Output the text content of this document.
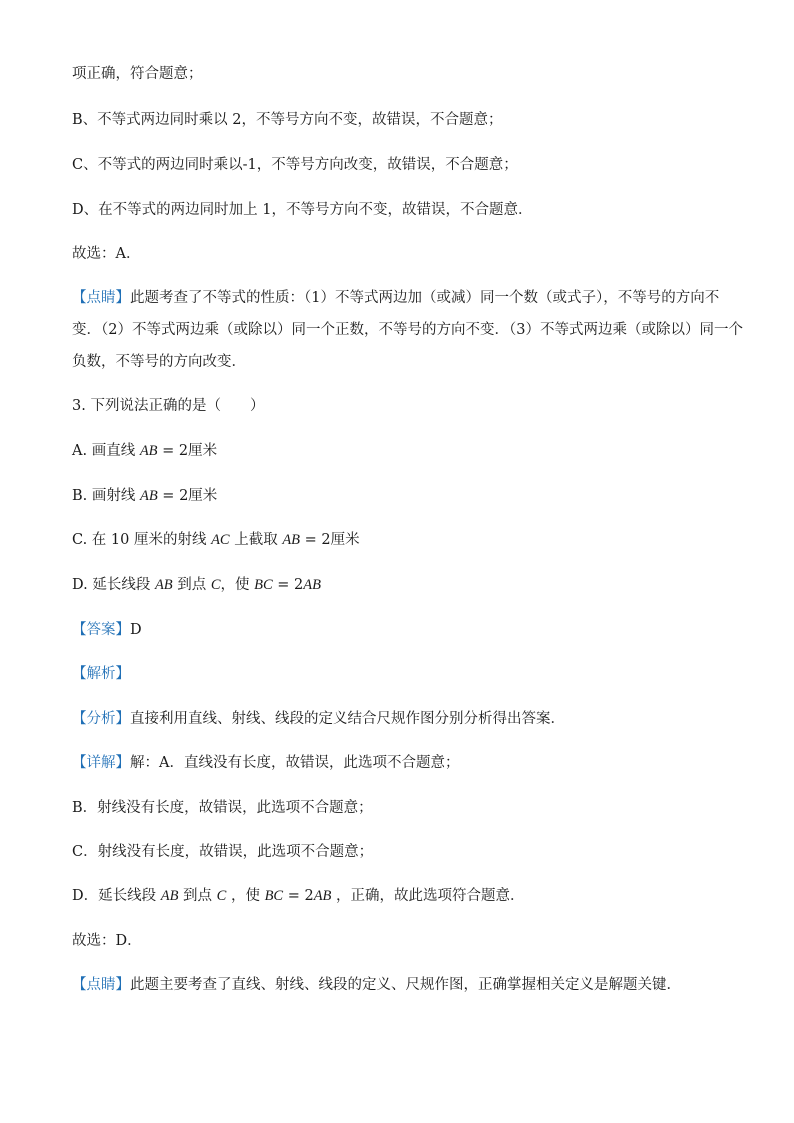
项正确，符合题意；
B、不等式两边同时乘以 2，不等号方向不变，故错误，不合题意；
C、不等式的两边同时乘以-1，不等号方向改变，故错误，不合题意；
D、在不等式的两边同时加上 1，不等号方向不变，故错误，不合题意．
故选：A．
【点睛】此题考查了不等式的性质：（1）不等式两边加（或减）同一个数（或式子），不等号的方向不
变．（2）不等式两边乘（或除以）同一个正数，不等号的方向不变．（3）不等式两边乘（或除以）同一个
负数，不等号的方向改变．
3. 下列说法正确的是（　　）
A. 画直线 AB = 2厘米
B. 画射线 AB = 2厘米
C. 在 10 厘米的射线 AC 上截取 AB = 2厘米
D. 延长线段 AB 到点 C，使 BC = 2AB
【答案】D
【解析】
【分析】直接利用直线、射线、线段的定义结合尺规作图分别分析得出答案．
【详解】解：A．直线没有长度，故错误，此选项不合题意；
B．射线没有长度，故错误，此选项不合题意；
C．射线没有长度，故错误，此选项不合题意；
D．延长线段 AB 到点 C ，使 BC = 2AB ，正确，故此选项符合题意．
故选：D．
【点睛】此题主要考查了直线、射线、线段的定义、尺规作图，正确掌握相关定义是解题关键．
